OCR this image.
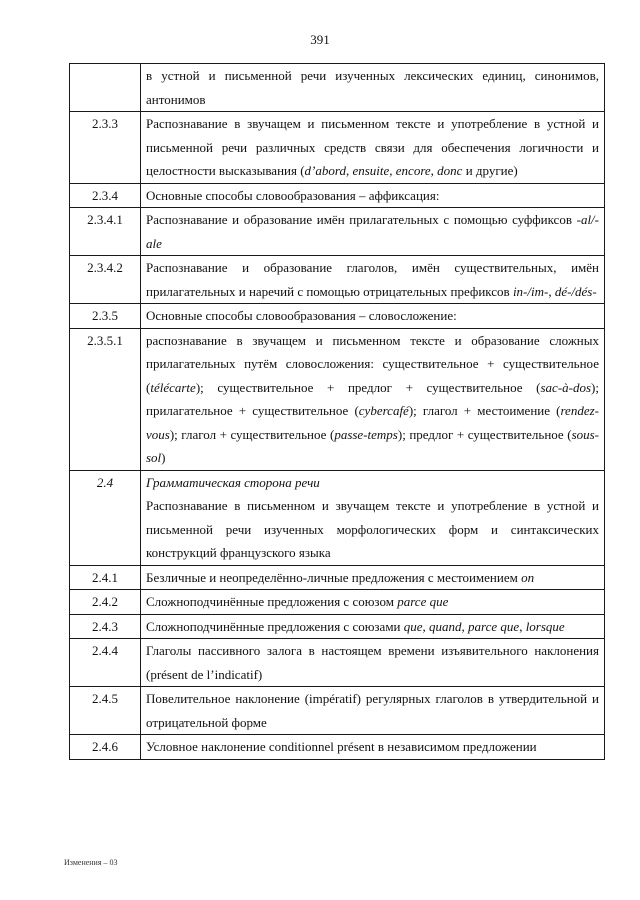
391

	в устной и письменной речи изученных лексических единиц, синонимов, антонимов

2.3.3	Распознавание в звучащем и письменном тексте и употребление в устной и письменной речи различных средств связи для обеспечения логичности и целостности высказывания (d’abord, ensuite, encore, donc и другие)

2.3.4	Основные способы словообразования – аффиксация:

2.3.4.1	Распознавание и образование имён прилагательных с помощью суффиксов -al/-ale

2.3.4.2	Распознавание и образование глаголов, имён существительных, имён прилагательных и наречий с помощью отрицательных префиксов in-/im-, dé-/dés-

2.3.5	Основные способы словообразования – словосложение:

2.3.5.1	распознавание в звучащем и письменном тексте и образование сложных прилагательных путём словосложения: существительное + существительное (télécarte); существительное + предлог + существительное (sac-à-dos); прилагательное + существительное (cybercafé); глагол + местоимение (rendez-vous); глагол + существительное (passe-temps); предлог + существительное (sous-sol)

2.4	Грамматическая сторона речи
Распознавание в письменном и звучащем тексте и употребление в устной и письменной речи изученных морфологических форм и синтаксических конструкций французского языка

2.4.1	Безличные и неопределённо-личные предложения с местоимением on

2.4.2	Сложноподчинённые предложения с союзом parce que

2.4.3	Сложноподчинённые предложения с союзами que, quand, parce que, lorsque

2.4.4	Глаголы пассивного залога в настоящем времени изъявительного наклонения (présent de l’indicatif)

2.4.5	Повелительное наклонение (impératif) регулярных глаголов в утвердительной и отрицательной форме

2.4.6	Условное наклонение conditionnel présent в независимом предложении
Изменения – 03
